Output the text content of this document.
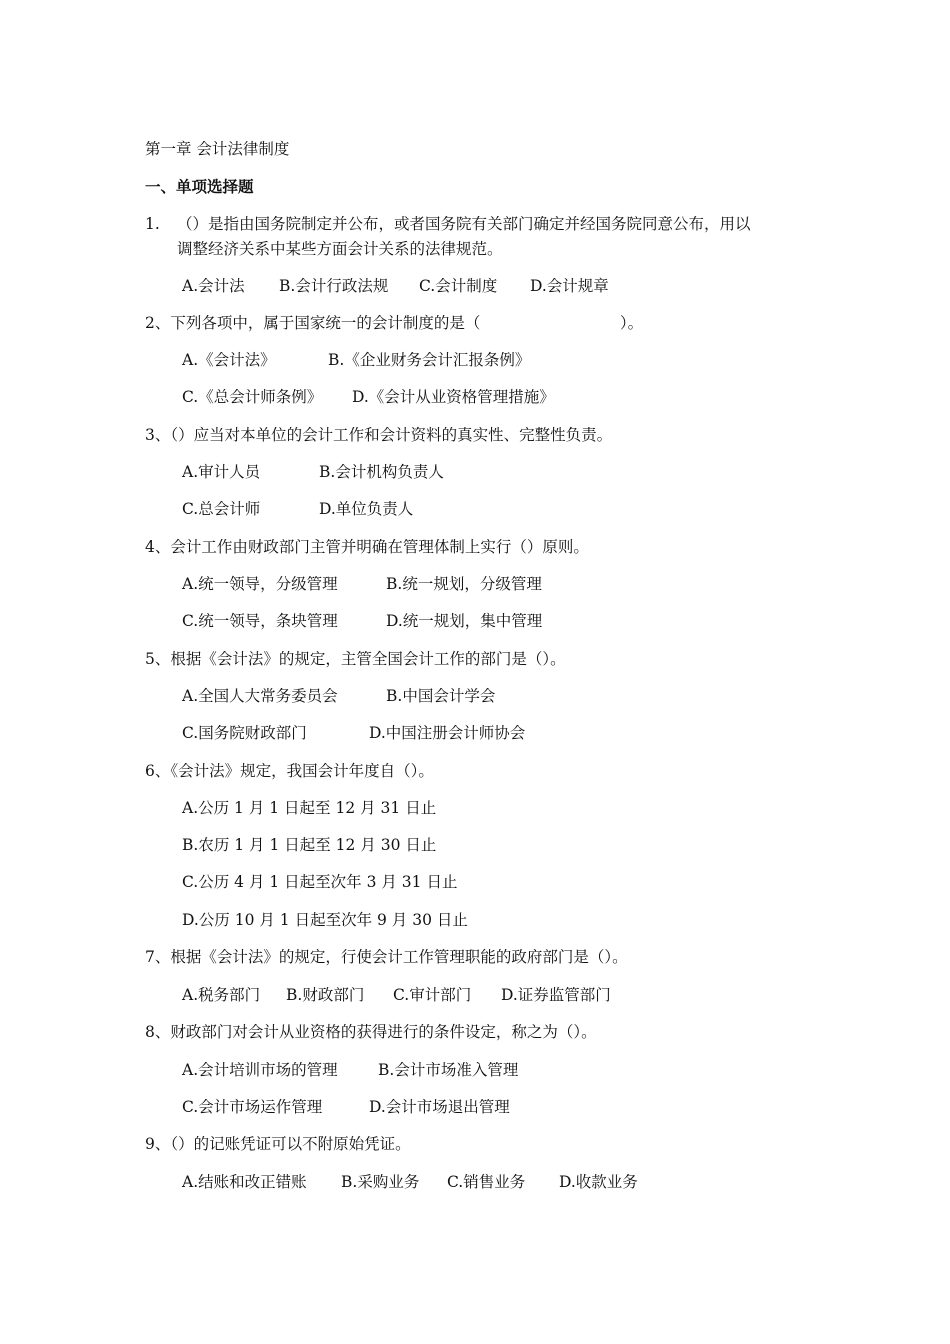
第一章 会计法律制度
一、单项选择题
1. （）是指由国务院制定并公布，或者国务院有关部门确定并经国务院同意公布，用以
调整经济关系中某些方面会计关系的法律规范。
A.会计法 B.会计行政法规 C.会计制度 D.会计规章
2、下列各项中，属于国家统一的会计制度的是（　　　　　　　　　）。
A.《会计法》	B.《企业财务会计汇报条例》
C.《总会计师条例》 D.《会计从业资格管理措施》
3、（）应当对本单位的会计工作和会计资料的真实性、完整性负责。
A.审计人员	B.会计机构负责人
C.总会计师	D.单位负责人
4、会计工作由财政部门主管并明确在管理体制上实行（）原则。
A.统一领导，分级管理	B.统一规划，分级管理
C.统一领导，条块管理	D.统一规划，集中管理
5、根据《会计法》的规定，主管全国会计工作的部门是（）。
A.全国人大常务委员会	B.中国会计学会
C.国务院财政部门	D.中国注册会计师协会
6、《会计法》规定，我国会计年度自（）。
A.公历 1 月 1 日起至 12 月 31 日止
B.农历 1 月 1 日起至 12 月 30 日止
C.公历 4 月 1 日起至次年 3 月 31 日止
D.公历 10 月 1 日起至次年 9 月 30 日止
7、根据《会计法》的规定，行使会计工作管理职能的政府部门是（）。
A.税务部门 B.财政部门 C.审计部门 D.证券监管部门
8、财政部门对会计从业资格的获得进行的条件设定，称之为（）。
A.会计培训市场的管理	B.会计市场准入管理
C.会计市场运作管理	D.会计市场退出管理
9、（）的记账凭证可以不附原始凭证。
A.结账和改正错账 B.采购业务 C.销售业务 D.收款业务
